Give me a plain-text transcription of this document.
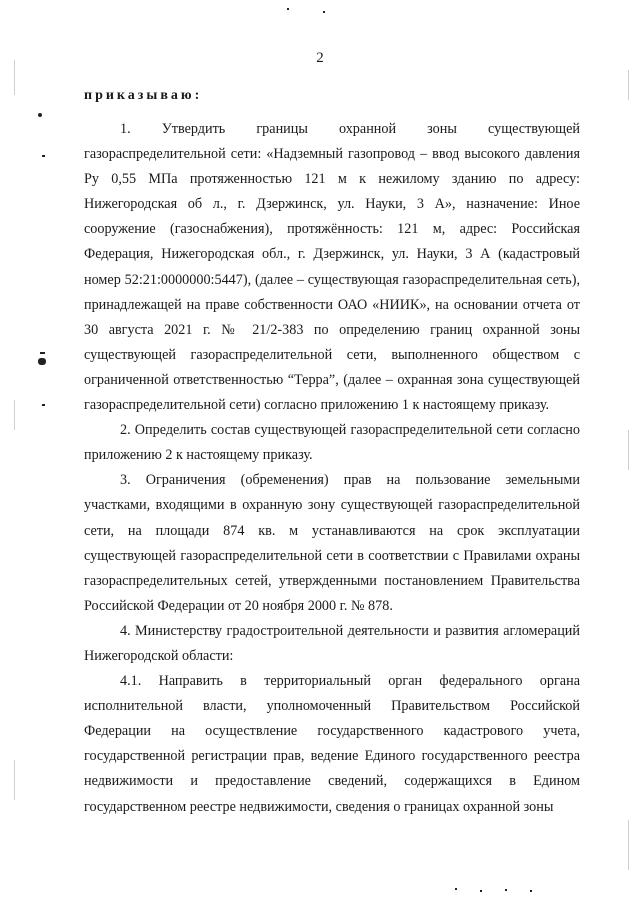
2
приказываю:

1. Утвердить границы охранной зоны существующей газораспределительной сети: «Надземный газопровод – ввод высокого давления Ру 0,55 МПа протяженностью 121 м к нежилому зданию по адресу: Нижегородская об л., г. Дзержинск, ул. Науки, 3 А», назначение: Иное сооружение (газоснабжения), протяжённость: 121 м, адрес: Российская Федерация, Нижегородская обл., г. Дзержинск, ул. Науки, 3 А (кадастровый номер 52:21:0000000:5447), (далее – существующая газораспределительная сеть), принадлежащей на праве собственности ОАО «НИИК», на основании отчета от 30 августа 2021 г. № 21/2-383 по определению границ охранной зоны существующей газораспределительной сети, выполненного обществом с ограниченной ответственностью “Терра”, (далее – охранная зона существующей газораспределительной сети) согласно приложению 1 к настоящему приказу.

2. Определить состав существующей газораспределительной сети согласно приложению 2 к настоящему приказу.

3. Ограничения (обременения) прав на пользование земельными участками, входящими в охранную зону существующей газораспределительной сети, на площади 874 кв. м устанавливаются на срок эксплуатации существующей газораспределительной сети в соответствии с Правилами охраны газораспределительных сетей, утвержденными постановлением Правительства Российской Федерации от 20 ноября 2000 г. № 878.

4. Министерству градостроительной деятельности и развития агломераций Нижегородской области:

4.1. Направить в территориальный орган федерального органа исполнительной власти, уполномоченный Правительством Российской Федерации на осуществление государственного кадастрового учета, государственной регистрации прав, ведение Единого государственного реестра недвижимости и предоставление сведений, содержащихся в Едином государственном реестре недвижимости, сведения о границах охранной зоны
